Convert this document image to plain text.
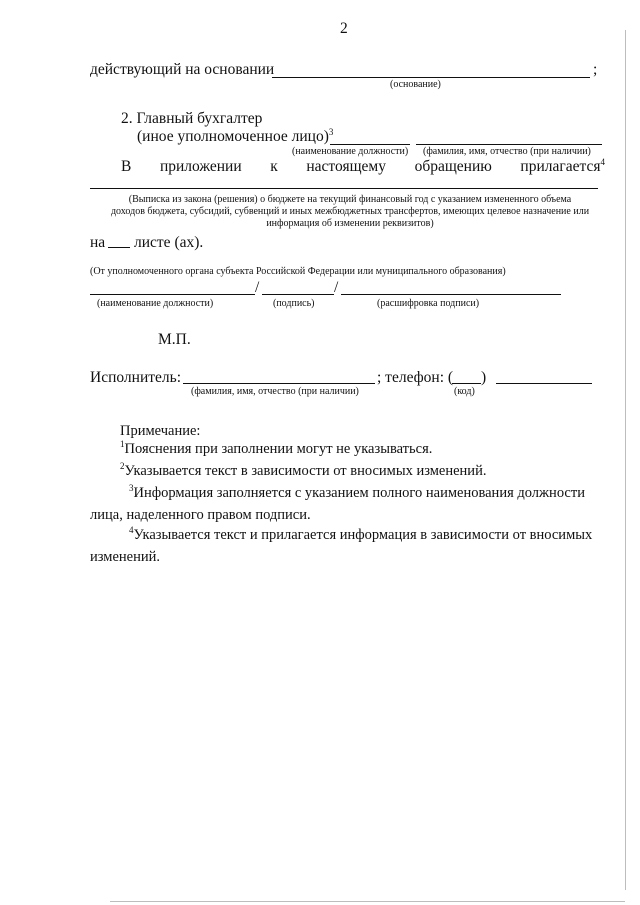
2
действующий на основании	;
(основание)
2. Главный бухгалтер
(иное уполномоченное лицо)$^3$
(наименование должности) (фамилия, имя, отчество (при наличии)
В приложении к настоящему обращению прилагается$^4$
(Выписка из закона (решения) о бюджете на текущий финансовый год с указанием измененного объема
доходов бюджета, субсидий, субвенций и иных межбюджетных трансфертов, имеющих целевое назначение или
информация об изменении реквизитов)
на листе (ах).
(От уполномоченного органа субъекта Российской Федерации или муниципального образования)
/	/
(наименование должности)	(подпись)	(расшифровка подписи)
М.П.
Исполнитель:	; телефон: ( )
(фамилия, имя, отчество (при наличии)	(код)
Примечание:
$^1$Пояснения при заполнении могут не указываться.
$^2$Указывается текст в зависимости от вносимых изменений.
$^3$Информация заполняется с указанием полного наименования должности
лица, наделенного правом подписи.
$^4$Указывается текст и прилагается информация в зависимости от вносимых
изменений.
